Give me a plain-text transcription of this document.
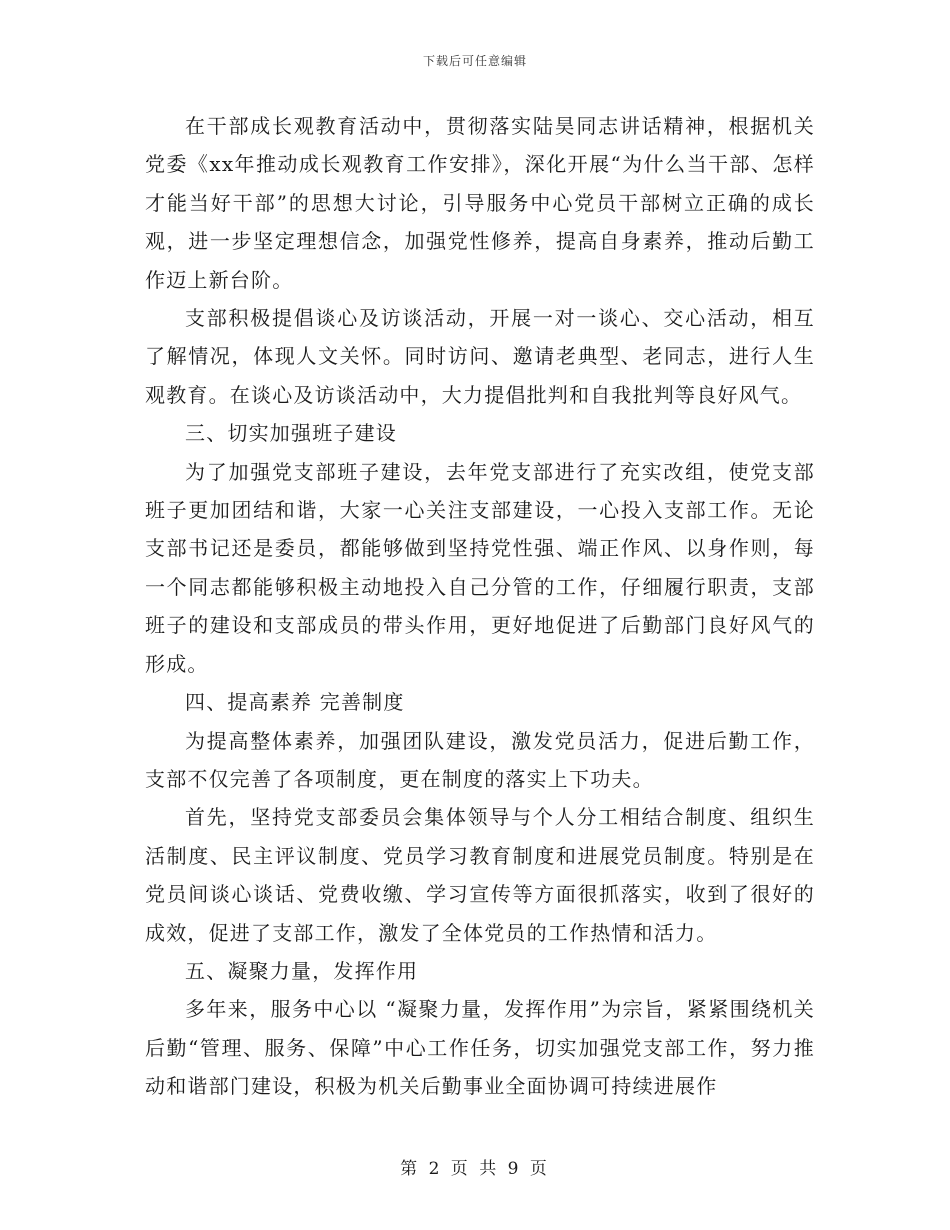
下载后可任意编辑

在干部成长观教育活动中，贯彻落实陆昊同志讲话精神，根据机关党委《xx年推动成长观教育工作安排》，深化开展“为什么当干部、怎样才能当好干部”的思想大讨论，引导服务中心党员干部树立正确的成长观，进一步坚定理想信念，加强党性修养，提高自身素养，推动后勤工作迈上新台阶。

支部积极提倡谈心及访谈活动，开展一对一谈心、交心活动，相互了解情况，体现人文关怀。同时访问、邀请老典型、老同志，进行人生观教育。在谈心及访谈活动中，大力提倡批判和自我批判等良好风气。

三、切实加强班子建设

为了加强党支部班子建设，去年党支部进行了充实改组，使党支部班子更加团结和谐，大家一心关注支部建设，一心投入支部工作。无论支部书记还是委员，都能够做到坚持党性强、端正作风、以身作则，每一个同志都能够积极主动地投入自己分管的工作，仔细履行职责，支部班子的建设和支部成员的带头作用，更好地促进了后勤部门良好风气的形成。

四、提高素养 完善制度

为提高整体素养，加强团队建设，激发党员活力，促进后勤工作，支部不仅完善了各项制度，更在制度的落实上下功夫。

首先，坚持党支部委员会集体领导与个人分工相结合制度、组织生活制度、民主评议制度、党员学习教育制度和进展党员制度。特别是在党员间谈心谈话、党费收缴、学习宣传等方面很抓落实，收到了很好的成效，促进了支部工作，激发了全体党员的工作热情和活力。

五、凝聚力量，发挥作用

多年来，服务中心以 “凝聚力量，发挥作用”为宗旨，紧紧围绕机关后勤“管理、服务、保障”中心工作任务，切实加强党支部工作，努力推动和谐部门建设，积极为机关后勤事业全面协调可持续进展作

第 2 页 共 9 页
